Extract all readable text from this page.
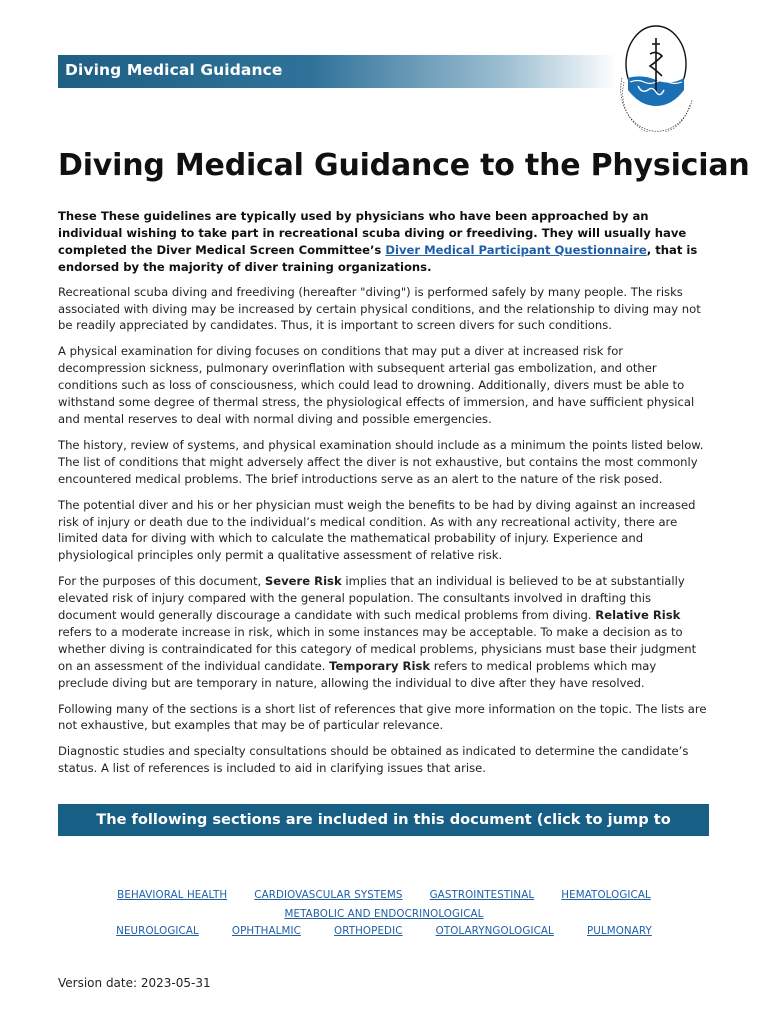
Diving Medical Guidance
Diving Medical Guidance to the Physician

These These guidelines are typically used by physicians who have been approached by an individual wishing to take part in recreational scuba diving or freediving. They will usually have completed the Diver Medical Screen Committee’s Diver Medical Participant Questionnaire, that is endorsed by the majority of diver training organizations.

Recreational scuba diving and freediving (hereafter "diving") is performed safely by many people. The risks associated with diving may be increased by certain physical conditions, and the relationship to diving may not be readily appreciated by candidates. Thus, it is important to screen divers for such conditions.

A physical examination for diving focuses on conditions that may put a diver at increased risk for decompression sickness, pulmonary overinflation with subsequent arterial gas embolization, and other conditions such as loss of consciousness, which could lead to drowning. Additionally, divers must be able to withstand some degree of thermal stress, the physiological effects of immersion, and have sufficient physical and mental reserves to deal with normal diving and possible emergencies.

The history, review of systems, and physical examination should include as a minimum the points listed below. The list of conditions that might adversely affect the diver is not exhaustive, but contains the most commonly encountered medical problems. The brief introductions serve as an alert to the nature of the risk posed.

The potential diver and his or her physician must weigh the benefits to be had by diving against an increased risk of injury or death due to the individual’s medical condition. As with any recreational activity, there are limited data for diving with which to calculate the mathematical probability of injury. Experience and physiological principles only permit a qualitative assessment of relative risk.

For the purposes of this document, Severe Risk implies that an individual is believed to be at substantially elevated risk of injury compared with the general population. The consultants involved in drafting this document would generally discourage a candidate with such medical problems from diving. Relative Risk refers to a moderate increase in risk, which in some instances may be acceptable. To make a decision as to whether diving is contraindicated for this category of medical problems, physicians must base their judgment on an assessment of the individual candidate. Temporary Risk refers to medical problems which may preclude diving but are temporary in nature, allowing the individual to dive after they have resolved.

Following many of the sections is a short list of references that give more information on the topic. The lists are not exhaustive, but examples that may be of particular relevance.

Diagnostic studies and specialty consultations should be obtained as indicated to determine the candidate’s status. A list of references is included to aid in clarifying issues that arise.

The following sections are included in this document (click to jump to section):
BEHAVIORAL HEALTH	CARDIOVASCULAR SYSTEMS	GASTROINTESTINAL	HEMATOLOGICAL METABOLIC AND ENDOCRINOLOGICAL
NEUROLOGICAL	OPHTHALMIC	ORTHOPEDIC	OTOLARYNGOLOGICAL	PULMONARY
Version date: 2023-05-31
